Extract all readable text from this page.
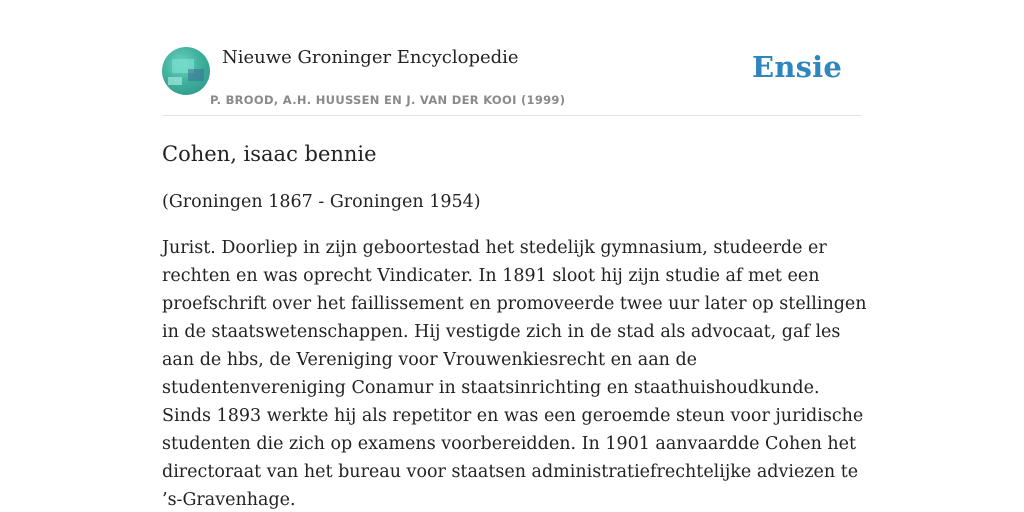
Nieuwe Groninger Encyclopedie
P. BROOD, A.H. HUUSSEN EN J. VAN DER KOOI (1999)
Ensie
Cohen, isaac bennie

(Groningen 1867 - Groningen 1954)

Jurist. Doorliep in zijn geboortestad het stedelijk gymnasium, studeerde er rechten en was oprecht Vindicater. In 1891 sloot hij zijn studie af met een proefschrift over het faillissement en promoveerde twee uur later op stellingen in de staatswetenschappen. Hij vestigde zich in de stad als advocaat, gaf les aan de hbs, de Vereniging voor Vrouwenkiesrecht en aan de studentenvereniging Conamur in staatsinrichting en staathuishoudkunde. Sinds 1893 werkte hij als repetitor en was een geroemde steun voor juridische studenten die zich op examens voorbereidden. In 1901 aanvaardde Cohen het directoraat van het bureau voor staatsen administratiefrechtelijke adviezen te ’s-Gravenhage.
